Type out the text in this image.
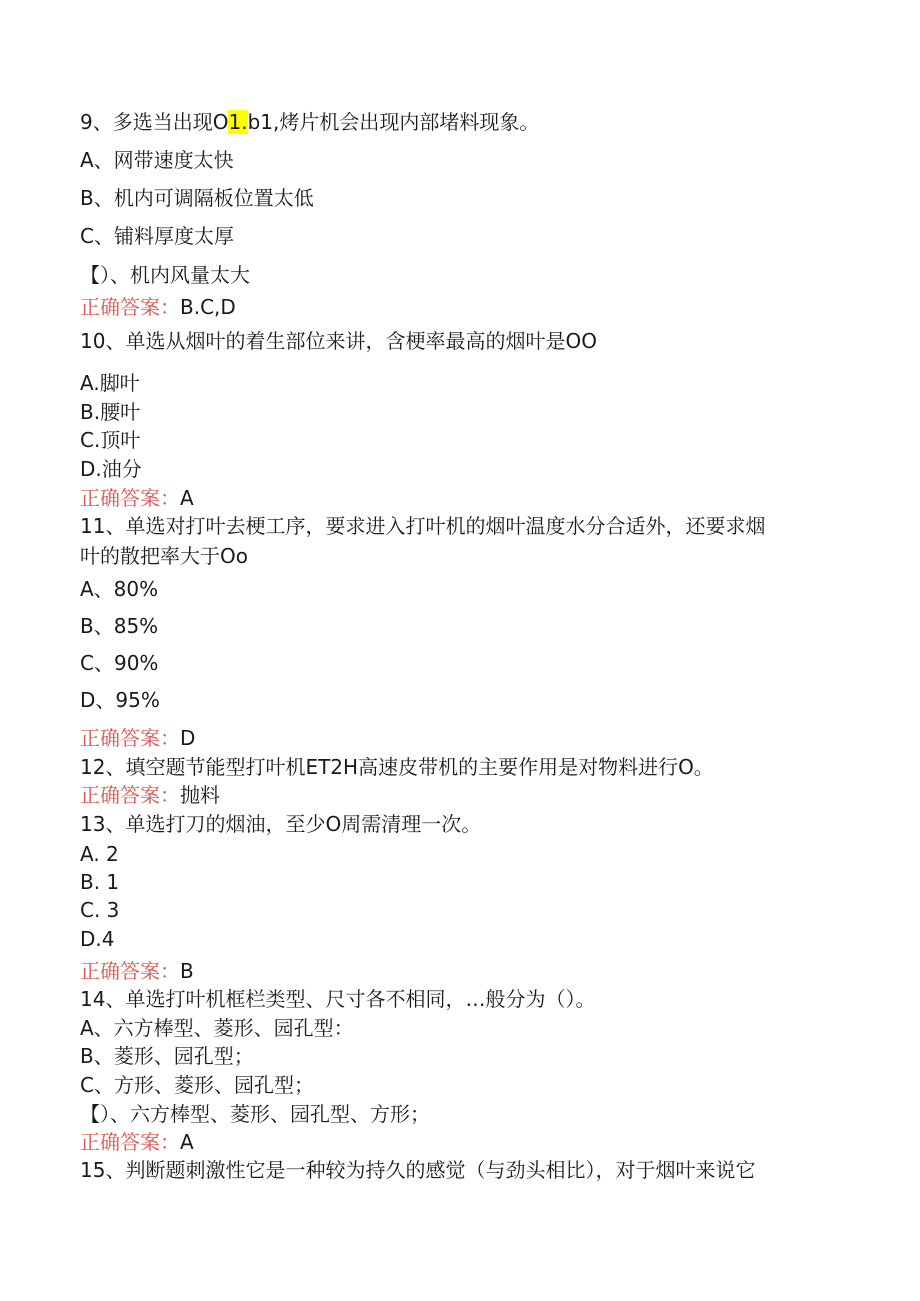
9、多选当出现O1.b1,烤片机会出现内部堵料现象。
A、网带速度太快
B、机内可调隔板位置太低
C、铺料厚度太厚
【）、机内风量太大
正确答案：B.C,D
10、单选从烟叶的着生部位来讲，含梗率最高的烟叶是OO
A.脚叶
B.腰叶
C.顶叶
D.油分
正确答案：A
11、单选对打叶去梗工序，要求进入打叶机的烟叶温度水分合适外，还要求烟
叶的散把率大于Oo
A、80%
B、85%
C、90%
D、95%
正确答案：D
12、填空题节能型打叶机ET2H高速皮带机的主要作用是对物料进行O。
正确答案：抛料
13、单选打刀的烟油，至少O周需清理一次。
A. 2
B. 1
C. 3
D.4
正确答案：B
14、单选打叶机框栏类型、尺寸各不相同，…般分为（）。
A、六方棒型、菱形、园孔型：
B、菱形、园孔型；
C、方形、菱形、园孔型；
【）、六方棒型、菱形、园孔型、方形；
正确答案：A
15、判断题刺激性它是一种较为持久的感觉（与劲头相比），对于烟叶来说它
